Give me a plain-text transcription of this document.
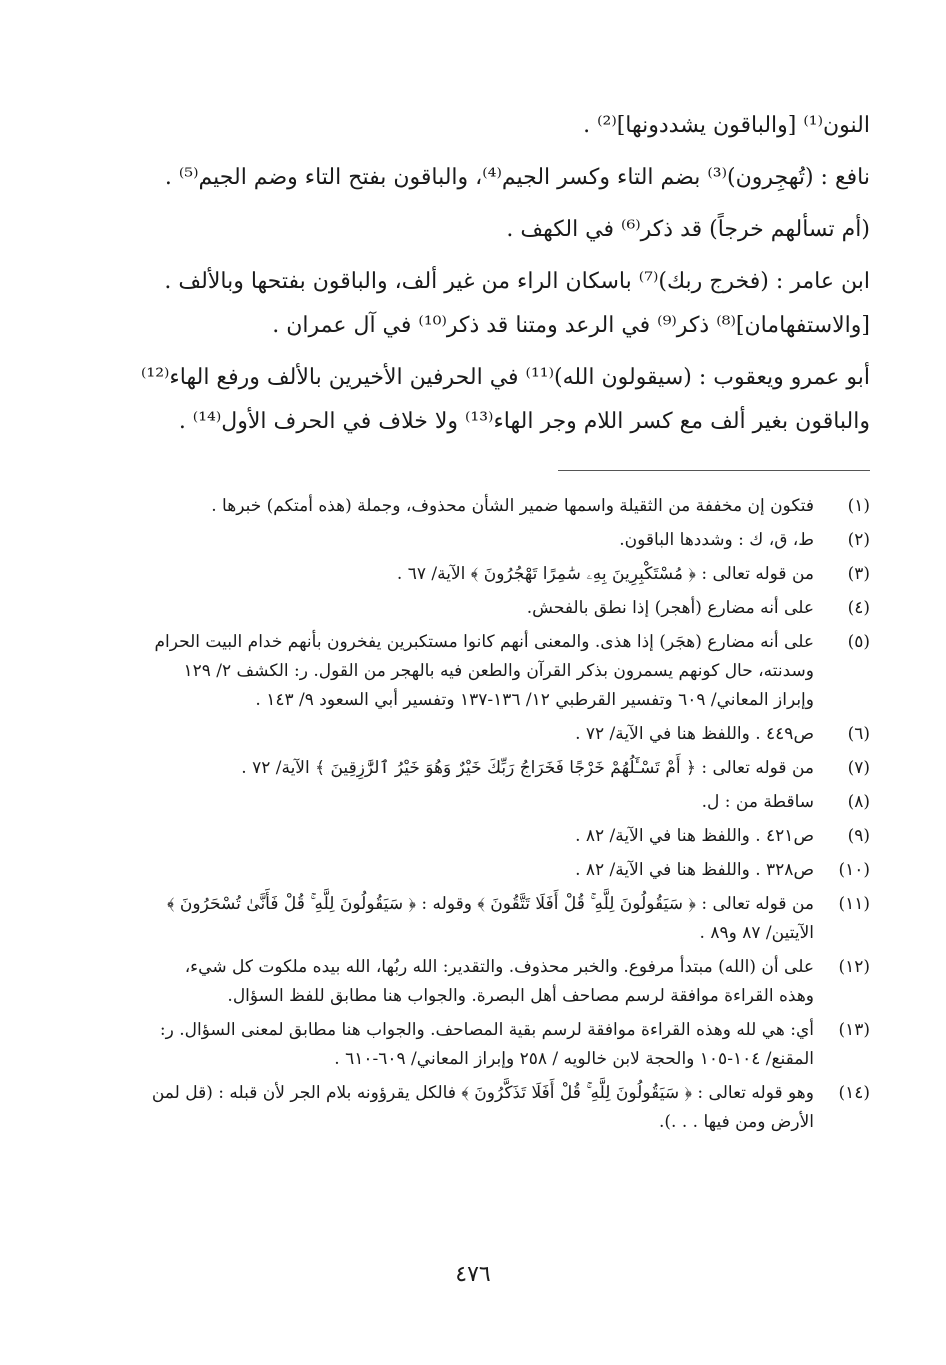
النون⁽¹⁾ [والباقون يشددونها]⁽²⁾ .

نافع : (تُهجِرون)⁽³⁾ بضم التاء وكسر الجيم⁽⁴⁾، والباقون بفتح التاء وضم الجيم⁽⁵⁾ .

(أم تسألهم خرجاً) قد ذكر⁽⁶⁾ في الكهف .

ابن عامر : (فخرج ربك)⁽⁷⁾ باسكان الراء من غير ألف، والباقون بفتحها وبالألف .
[والاستفهامان]⁽⁸⁾ ذكر⁽⁹⁾ في الرعد ومتنا قد ذكر⁽¹⁰⁾ في آل عمران .

أبو عمرو ويعقوب : (سيقولون الله)⁽¹¹⁾ في الحرفين الأخيرين بالألف ورفع الهاء⁽¹²⁾
والباقون بغير ألف مع كسر اللام وجر الهاء⁽¹³⁾ ولا خلاف في الحرف الأول⁽¹⁴⁾ .

(١)
فتكون إن مخففة من الثقيلة واسمها ضمير الشأن محذوف، وجملة (هذه أمتكم) خبرها .
(٢)
ط، ق، ك : وشددها الباقون.
(٣)
من قوله تعالى : ﴿ مُسْتَكْبِرِينَ بِهِۦ سَٰمِرًا تَهْجُرُونَ ﴾ الآية/ ٦٧ .
(٤)
على أنه مضارع (أهجر) إذا نطق بالفحش.
(٥)
على أنه مضارع (هجَر) إذا هذى. والمعنى أنهم كانوا مستكبرين يفخرون بأنهم خدام البيت الحرام
وسدنته، حال كونهم يسمرون بذكر القرآن والطعن فيه بالهجر من القول. ر: الكشف ٢/ ١٢٩
وإبراز المعاني/ ٦٠٩ وتفسير القرطبي ١٢/ ١٣٦-١٣٧ وتفسير أبي السعود ٩/ ١٤٣ .
(٦)
ص٤٤٩ . واللفظ هنا في الآية/ ٧٢ .
(٧)
من قوله تعالى : ﴿ أَمْ تَسْـَٔلُهُمْ خَرْجًا فَخَرَاجُ رَبِّكَ خَيْرٌ وَهُوَ خَيْرُ ٱلرَّٰزِقِينَ ﴾ الآية/ ٧٢ .
(٨)
ساقطة من : ل.
(٩)
ص٤٢١ . واللفظ هنا في الآية/ ٨٢ .
(١٠)
ص٣٢٨ . واللفظ هنا في الآية/ ٨٢ .
(١١)
من قوله تعالى : ﴿ سَيَقُولُونَ لِلَّهِ ۚ قُلْ أَفَلَا تَتَّقُونَ ﴾ وقوله : ﴿ سَيَقُولُونَ لِلَّهِ ۚ قُلْ فَأَنَّىٰ تُسْحَرُونَ ﴾
الآيتين/ ٨٧ و٨٩ .
(١٢)
على أن (الله) مبتدأ مرفوع. والخبر محذوف. والتقدير: الله ربُها، الله بيده ملكوت كل شيء،
وهذه القراءة موافقة لرسم مصاحف أهل البصرة. والجواب هنا مطابق للفظ السؤال.
(١٣)
أي: هي لله وهذه القراءة موافقة لرسم بقية المصاحف. والجواب هنا مطابق لمعنى السؤال. ر:
المقنع/ ١٠٤-١٠٥ والحجة لابن خالويه / ٢٥٨ وإبراز المعاني/ ٦٠٩-٦١٠ .
(١٤)
وهو قوله تعالى : ﴿ سَيَقُولُونَ لِلَّهِ ۚ قُلْ أَفَلَا تَذَكَّرُونَ ﴾ فالكل يقرؤونه بلام الجر لأن قبله : (قل لمن
الأرض ومن فيها . . .).
٤٧٦
